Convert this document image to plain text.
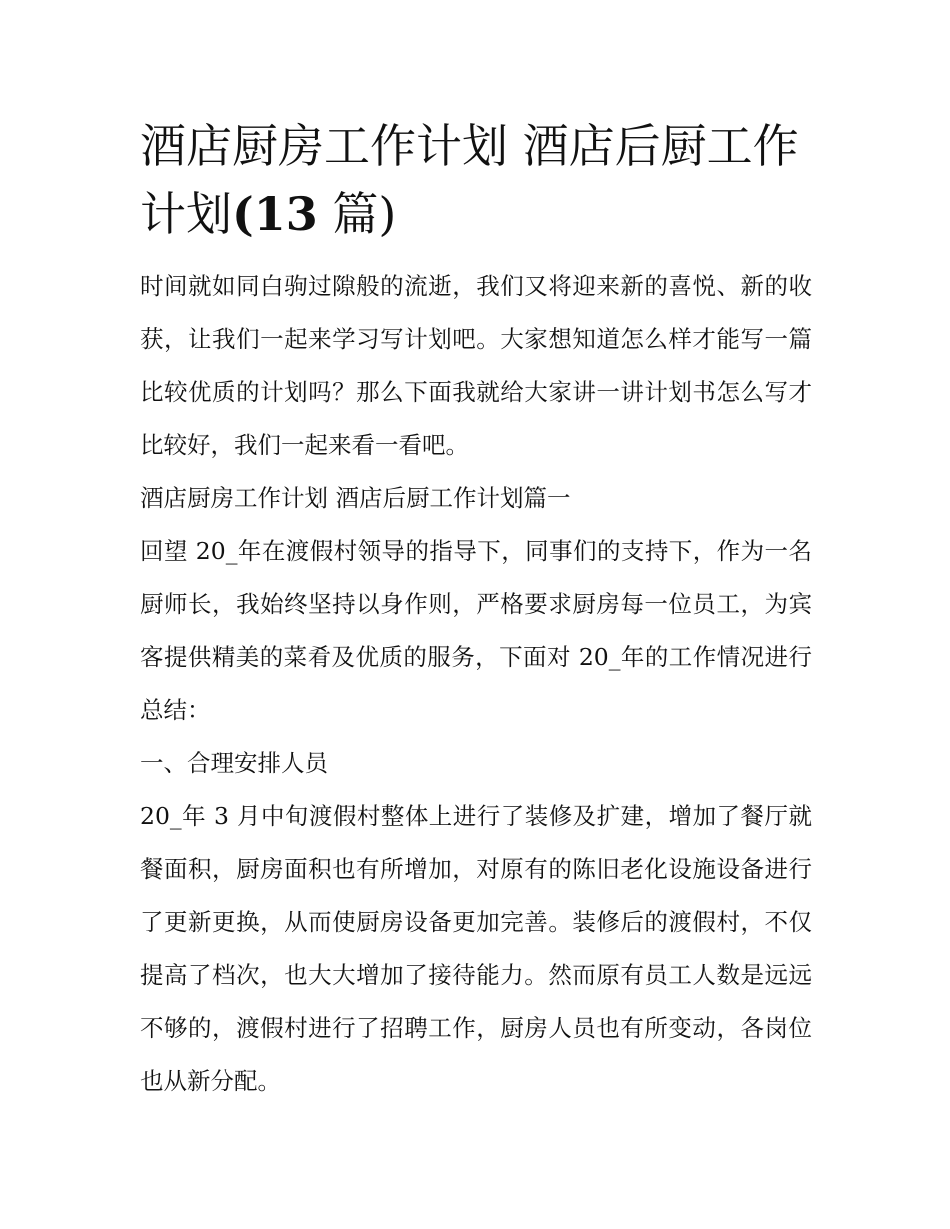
酒店厨房工作计划 酒店后厨工作计划(13 篇)

时间就如同白驹过隙般的流逝，我们又将迎来新的喜悦、新的收获，让我们一起来学习写计划吧。大家想知道怎么样才能写一篇比较优质的计划吗？那么下面我就给大家讲一讲计划书怎么写才比较好，我们一起来看一看吧。

酒店厨房工作计划 酒店后厨工作计划篇一

回望 20_年在渡假村领导的指导下，同事们的支持下，作为一名厨师长，我始终坚持以身作则，严格要求厨房每一位员工，为宾客提供精美的菜肴及优质的服务，下面对 20_年的工作情况进行总结：

一、合理安排人员

20_年 3 月中旬渡假村整体上进行了装修及扩建，增加了餐厅就餐面积，厨房面积也有所增加，对原有的陈旧老化设施设备进行了更新更换，从而使厨房设备更加完善。装修后的渡假村，不仅提高了档次，也大大增加了接待能力。然而原有员工人数是远远不够的，渡假村进行了招聘工作，厨房人员也有所变动，各岗位也从新分配。
